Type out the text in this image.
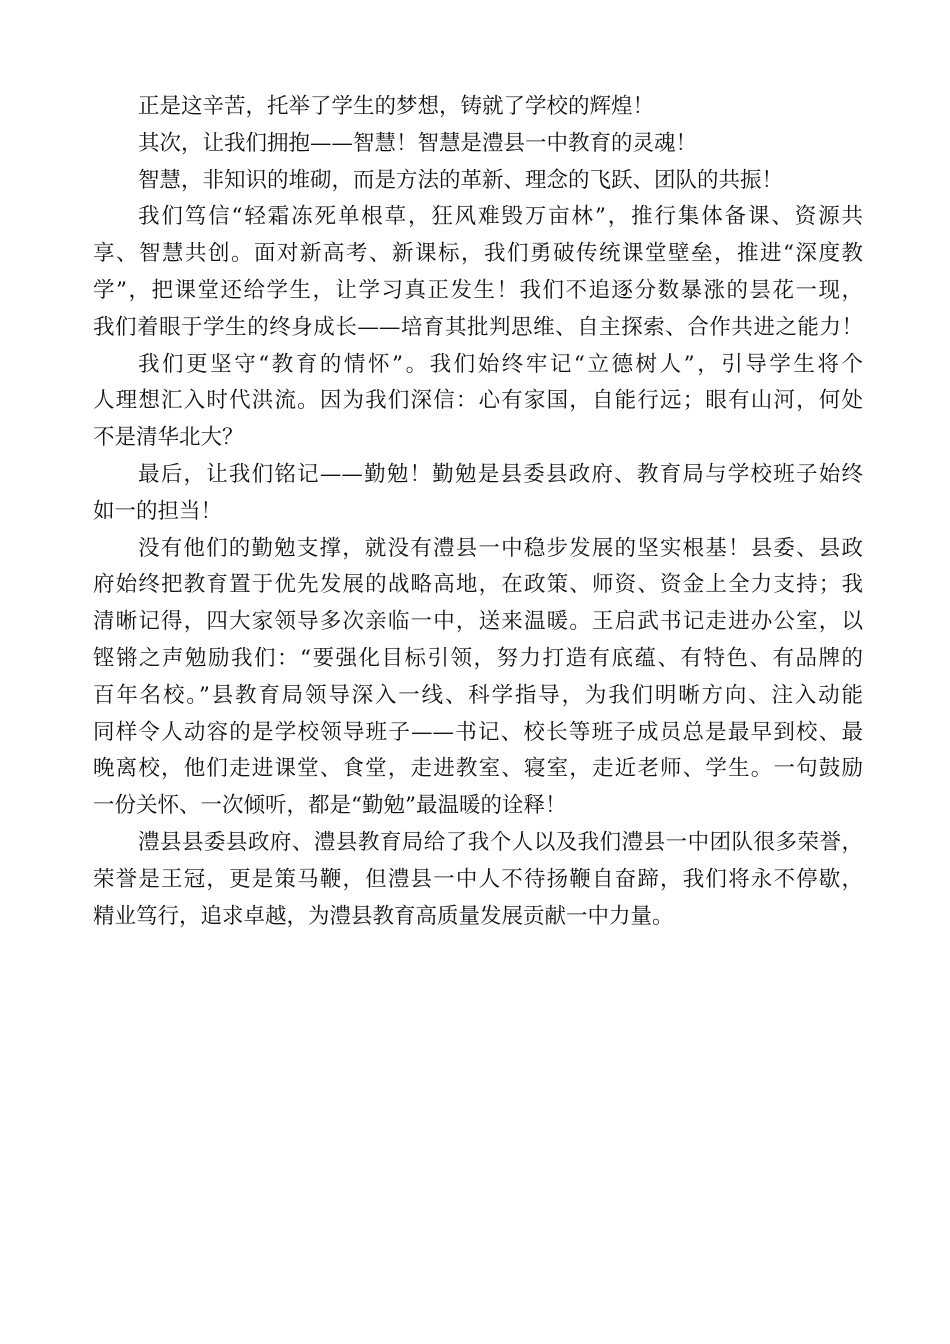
正是这辛苦，托举了学生的梦想，铸就了学校的辉煌！
其次，让我们拥抱——智慧！智慧是澧县一中教育的灵魂！
智慧，非知识的堆砌，而是方法的革新、理念的飞跃、团队的共振！
我们笃信“轻霜冻死单根草，狂风难毁万亩林”，推行集体备课、资源共
享、智慧共创。面对新高考、新课标，我们勇破传统课堂壁垒，推进“深度教
学”，把课堂还给学生，让学习真正发生！我们不追逐分数暴涨的昙花一现，
我们着眼于学生的终身成长——培育其批判思维、自主探索、合作共进之能力！
我们更坚守“教育的情怀”。我们始终牢记“立德树人”，引导学生将个
人理想汇入时代洪流。因为我们深信：心有家国，自能行远；眼有山河，何处
不是清华北大？
最后，让我们铭记——勤勉！勤勉是县委县政府、教育局与学校班子始终
如一的担当！
没有他们的勤勉支撑，就没有澧县一中稳步发展的坚实根基！县委、县政
府始终把教育置于优先发展的战略高地，在政策、师资、资金上全力支持；我
清晰记得，四大家领导多次亲临一中，送来温暖。王启武书记走进办公室，以
铿锵之声勉励我们：“要强化目标引领，努力打造有底蕴、有特色、有品牌的
百年名校。”县教育局领导深入一线、科学指导，为我们明晰方向、注入动能
同样令人动容的是学校领导班子——书记、校长等班子成员总是最早到校、最
晚离校，他们走进课堂、食堂，走进教室、寝室，走近老师、学生。一句鼓励
一份关怀、一次倾听，都是“勤勉”最温暖的诠释！
澧县县委县政府、澧县教育局给了我个人以及我们澧县一中团队很多荣誉，
荣誉是王冠，更是策马鞭，但澧县一中人不待扬鞭自奋蹄，我们将永不停歇，
精业笃行，追求卓越，为澧县教育高质量发展贡献一中力量。
